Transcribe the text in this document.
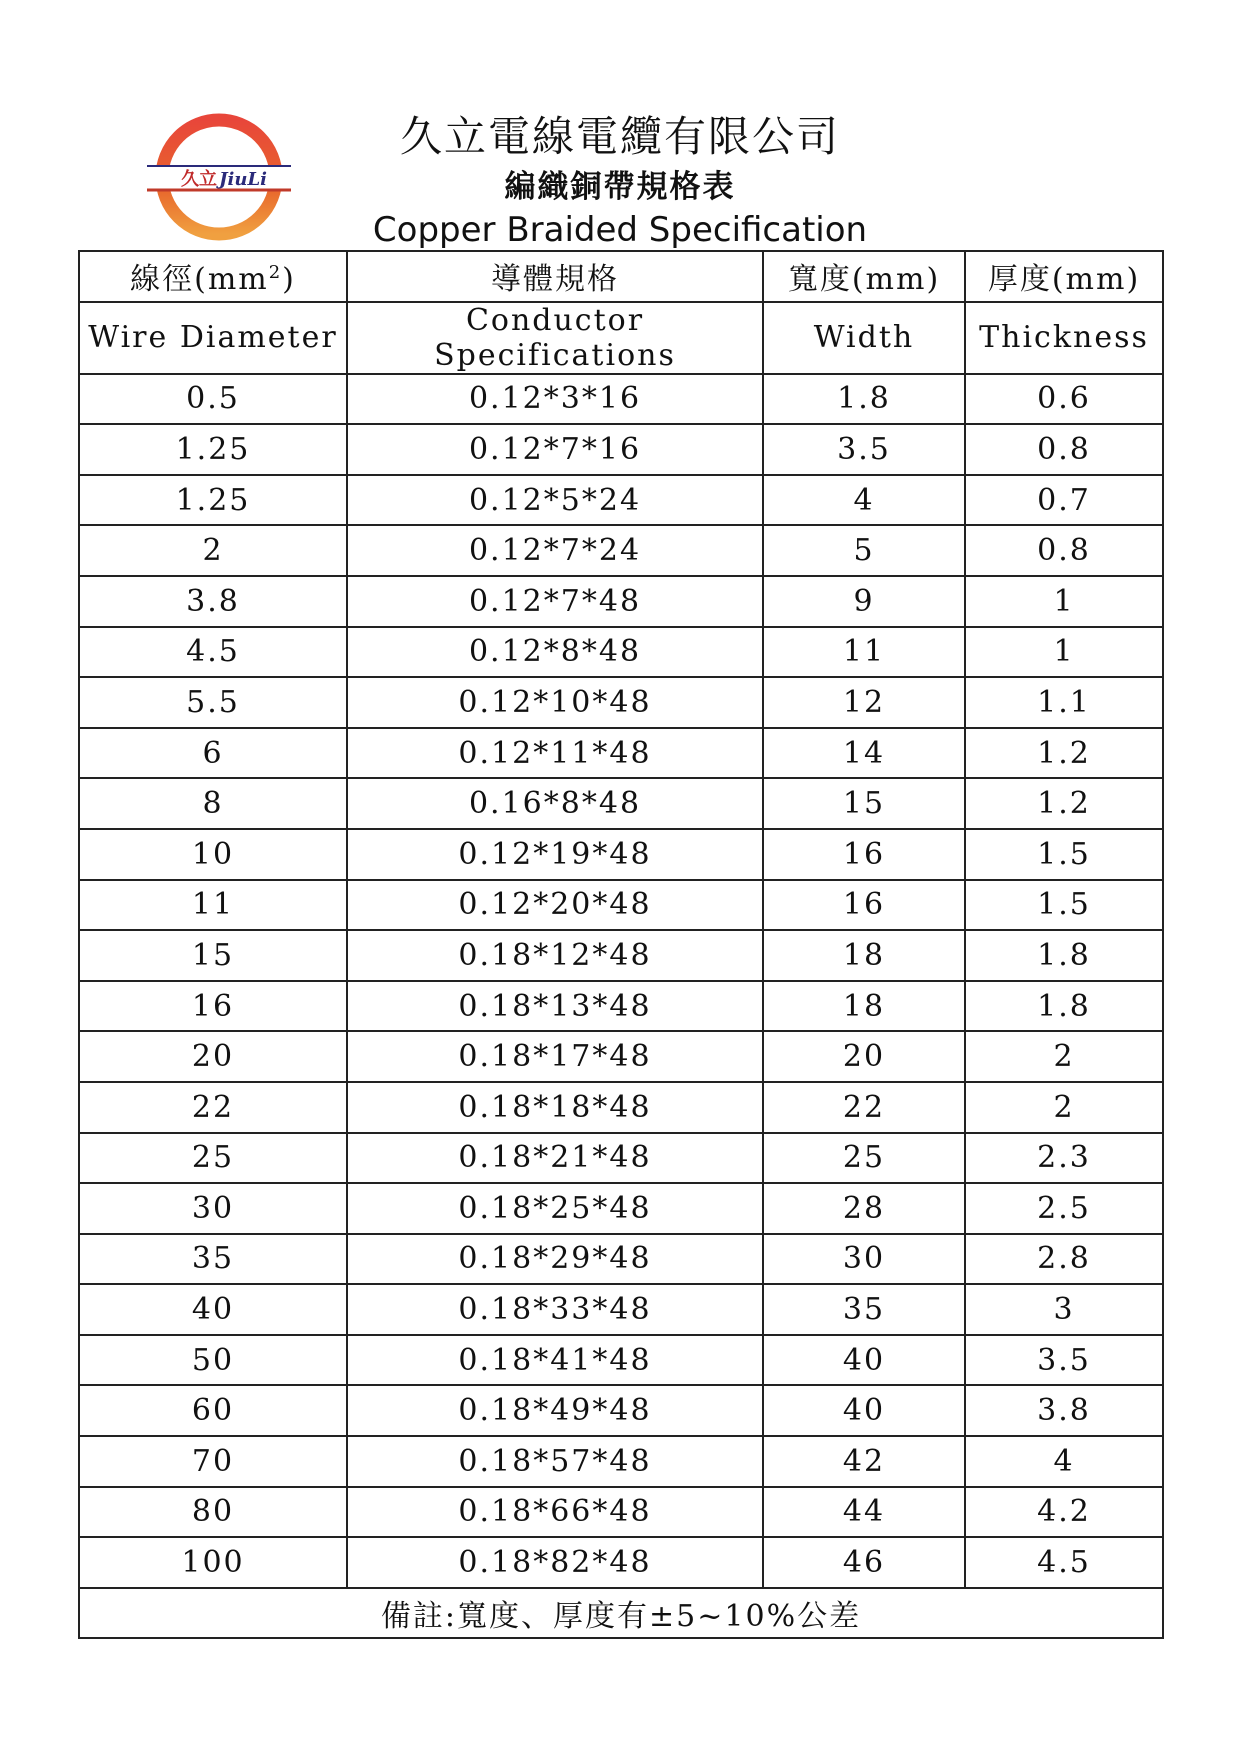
久立 JiuLi
久立電線電纜有限公司
編織銅帶規格表
Copper Braided Specification
線徑$(mm^2)$	導體規格	寬度(mm)	厚度(mm)
Wire Diameter	Conductor Specifications	Width	Thickness
0.5	0.12*3*16	1.8	0.6
1.25	0.12*7*16	3.5	0.8
1.25	0.12*5*24	4	0.7
2	0.12*7*24	5	0.8
3.8	0.12*7*48	9	1
4.5	0.12*8*48	11	1
5.5	0.12*10*48	12	1.1
6	0.12*11*48	14	1.2
8	0.16*8*48	15	1.2
10	0.12*19*48	16	1.5
11	0.12*20*48	16	1.5
15	0.18*12*48	18	1.8
16	0.18*13*48	18	1.8
20	0.18*17*48	20	2
22	0.18*18*48	22	2
25	0.18*21*48	25	2.3
30	0.18*25*48	28	2.5
35	0.18*29*48	30	2.8
40	0.18*33*48	35	3
50	0.18*41*48	40	3.5
60	0.18*49*48	40	3.8
70	0.18*57*48	42	4
80	0.18*66*48	44	4.2
100	0.18*82*48	46	4.5
備註:寬度、厚度有±5~10%公差			
